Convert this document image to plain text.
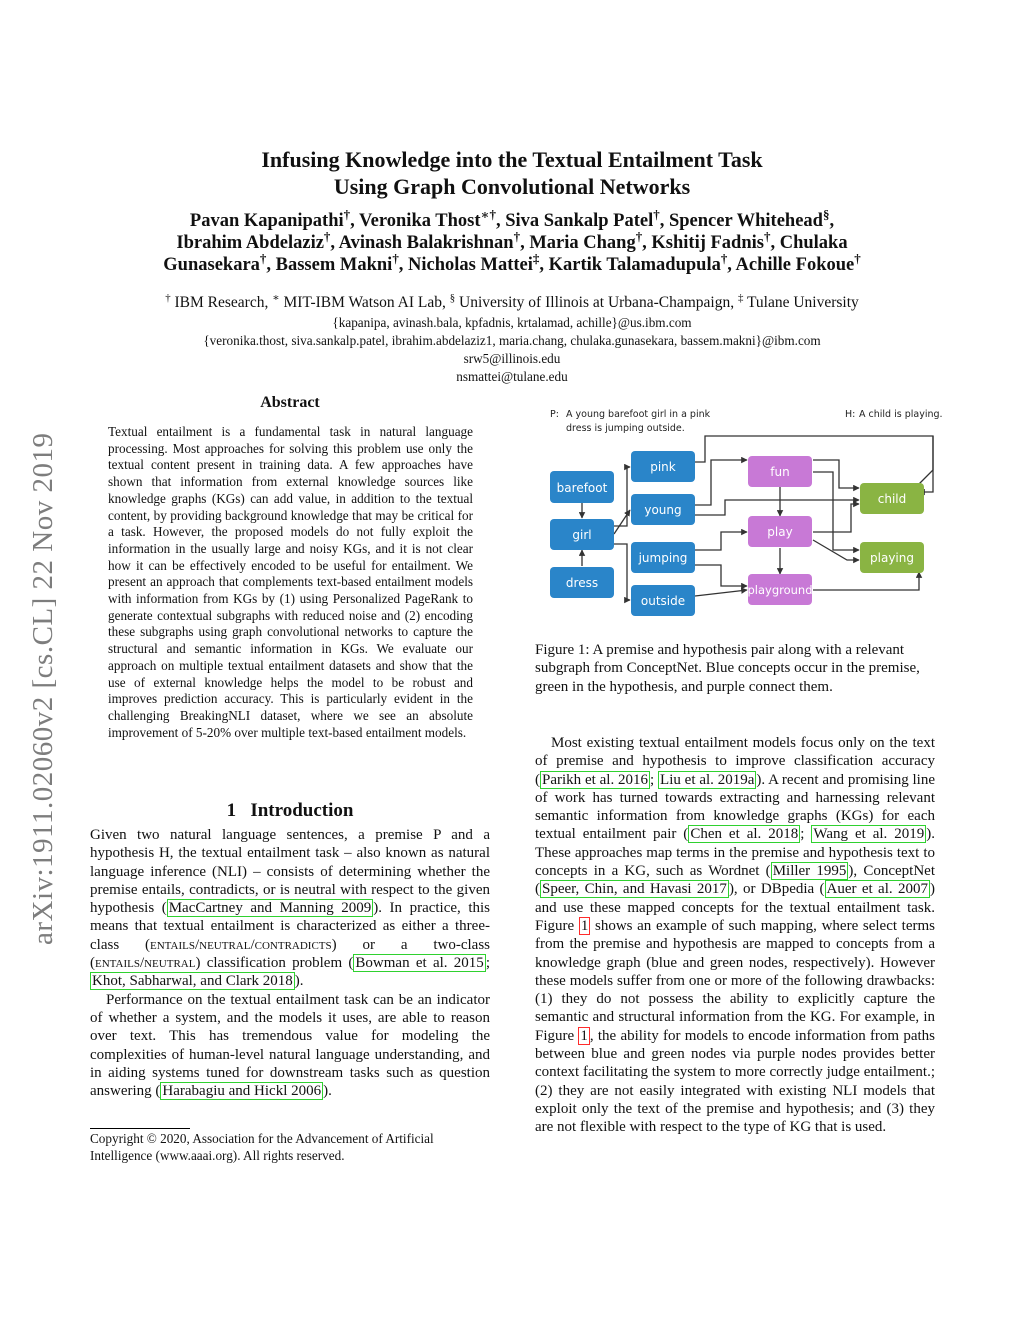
arXiv:1911.02060v2 [cs.CL] 22 Nov 2019
Infusing Knowledge into the Textual Entailment Task
Using Graph Convolutional Networks
Pavan Kapanipathi†, Veronika Thost∗†, Siva Sankalp Patel†, Spencer Whitehead§,
Ibrahim Abdelaziz†, Avinash Balakrishnan†, Maria Chang†, Kshitij Fadnis†, Chulaka
Gunasekara†, Bassem Makni†, Nicholas Mattei‡, Kartik Talamadupula†, Achille Fokoue†
† IBM Research, ∗ MIT-IBM Watson AI Lab, § University of Illinois at Urbana-Champaign, ‡ Tulane University
{kapanipa, avinash.bala, kpfadnis, krtalamad, achille}@us.ibm.com
{veronika.thost, siva.sankalp.patel, ibrahim.abdelaziz1, maria.chang, chulaka.gunasekara, bassem.makni}@ibm.com
srw5@illinois.edu
nsmattei@tulane.edu
Abstract
Textual entailment is a fundamental task in natural language processing. Most approaches for solving this problem use only the textual content present in training data. A few approaches have shown that information from external knowledge sources like knowledge graphs (KGs) can add value, in addition to the textual content, by providing background knowledge that may be critical for a task. However, the proposed models do not fully exploit the information in the usually large and noisy KGs, and it is not clear how it can be effectively encoded to be useful for entailment. We present an approach that complements text-based entailment models with information from KGs by (1) using Personalized PageRank to generate contextual subgraphs with reduced noise and (2) encoding these subgraphs using graph convolutional networks to capture the structural and semantic information in KGs. We evaluate our approach on multiple textual entailment datasets and show that the use of external knowledge helps the model to be robust and improves prediction accuracy. This is particularly evident in the challenging BreakingNLI dataset, where we see an absolute improvement of 5-20% over multiple text-based entailment models.
1 Introduction

Given two natural language sentences, a premise P and a hypothesis H, the textual entailment task – also known as natural language inference (NLI) – consists of determining whether the premise entails, contradicts, or is neutral with respect to the given hypothesis ( MacCartney and Manning 2009 ). In practice, this means that textual entailment is characterized as either a three-class (entails/neutral/contradicts) or a two-class (entails/neutral) classification problem ( Bowman et al. 2015 ; Khot, Sabharwal, and Clark 2018 ).

Performance on the textual entailment task can be an indicator of whether a system, and the models it uses, are able to reason over text. This has tremendous value for modeling the complexities of human-level natural language understanding, and in aiding systems tuned for downstream tasks such as question answering ( Harabagiu and Hickl 2006 ).

Copyright © 2020, Association for the Advancement of Artificial Intelligence (www.aaai.org). All rights reserved.
P: A young barefoot girl in a pink
dress is jumping outside.
H: A child is playing.
barefoot
girl
dress
pink
young
jumping
outside
fun
play
playground
child
playing
Figure 1: A premise and hypothesis pair along with a relevant subgraph from ConceptNet. Blue concepts occur in the premise, green in the hypothesis, and purple connect them.

Most existing textual entailment models focus only on the text of premise and hypothesis to improve classification accuracy ( Parikh et al. 2016 ; Liu et al. 2019a ). A recent and promising line of work has turned towards extracting and harnessing relevant semantic information from knowledge graphs (KGs) for each textual entailment pair ( Chen et al. 2018 ; Wang et al. 2019 ). These approaches map terms in the premise and hypothesis text to concepts in a KG, such as Wordnet ( Miller 1995 ), ConceptNet ( Speer, Chin, and Havasi 2017 ), or DBpedia ( Auer et al. 2007 ) and use these mapped concepts for the textual entailment task. Figure 1 shows an example of such mapping, where select terms from the premise and hypothesis are mapped to concepts from a knowledge graph (blue and green nodes, respectively). However these models suffer from one or more of the following drawbacks: (1) they do not possess the ability to explicitly capture the semantic and structural information from the KG. For example, in Figure 1 , the ability for models to encode information from paths between blue and green nodes via purple nodes provides better context facilitating the system to more correctly judge entailment.; (2) they are not easily integrated with existing NLI models that exploit only the text of the premise and hypothesis; and (3) they are not flexible with respect to the type of KG that is used.
